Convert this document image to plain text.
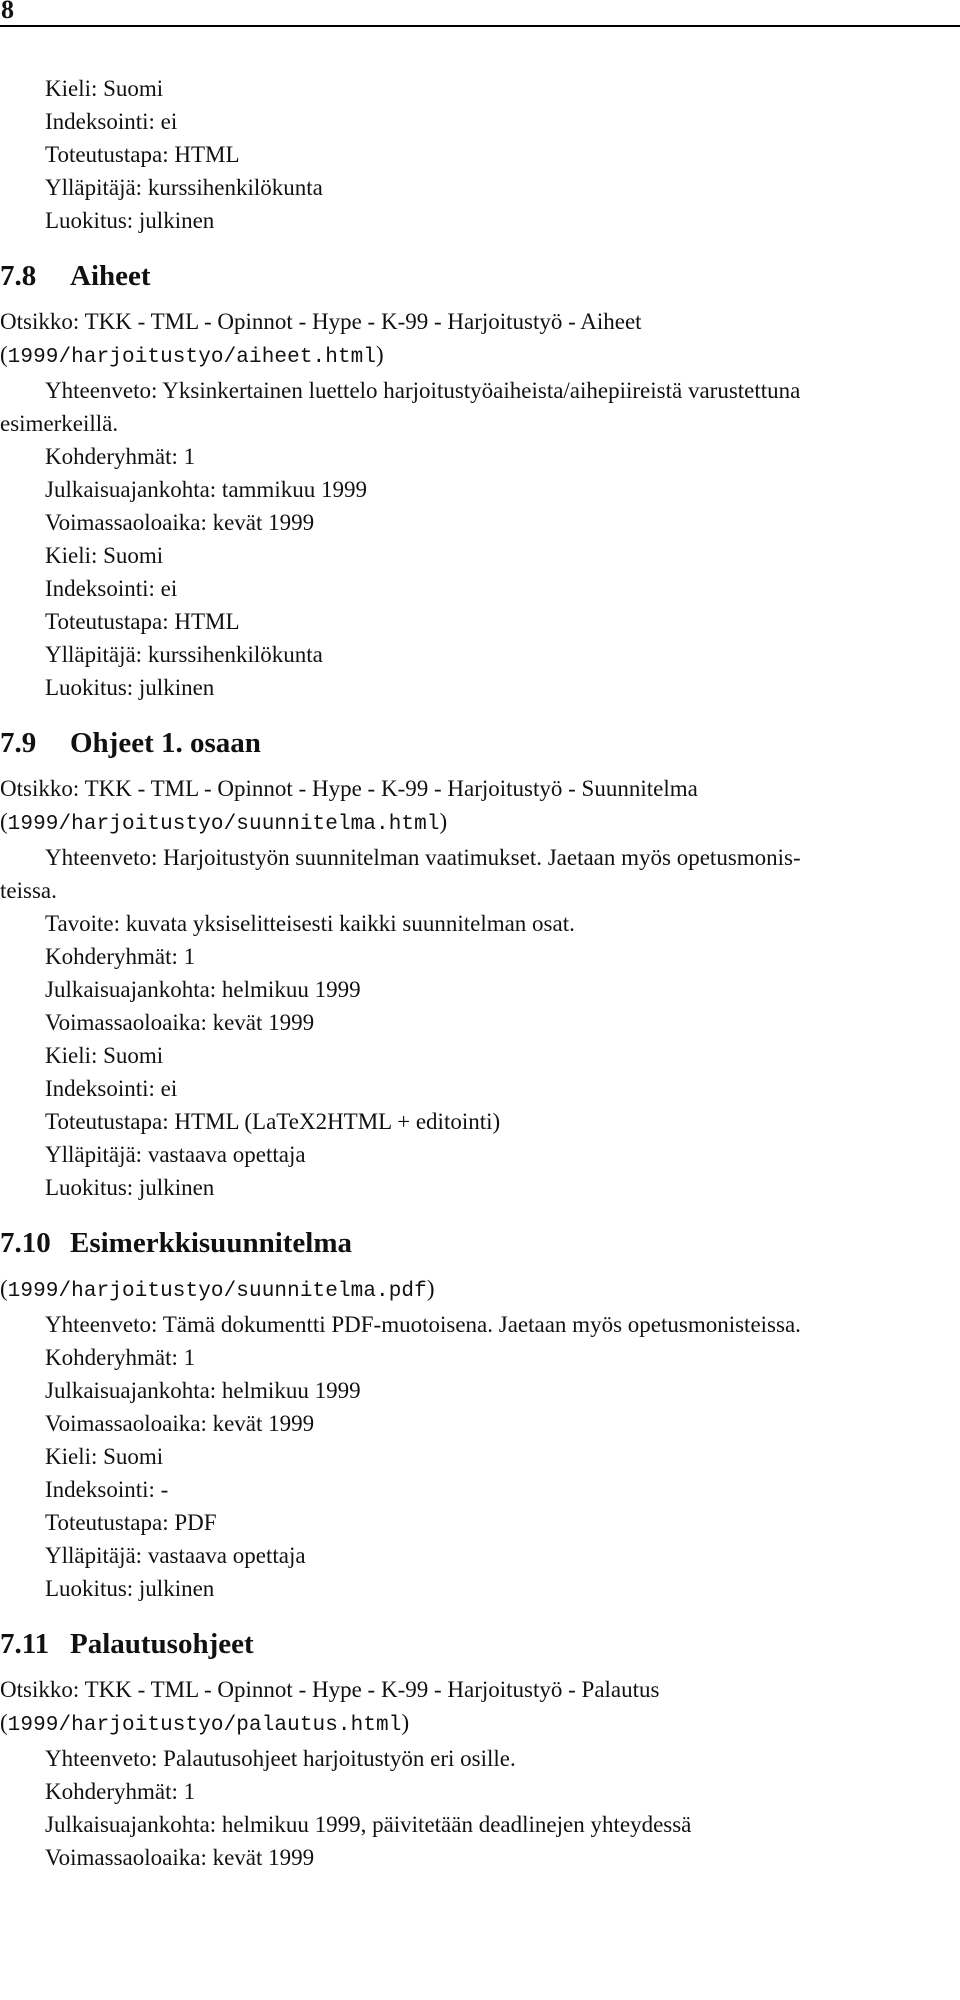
8
Kieli: Suomi
Indeksointi: ei
Toteutustapa: HTML
Ylläpitäjä: kurssihenkilökunta
Luokitus: julkinen
7.8	Aiheet
Otsikko: TKK - TML - Opinnot - Hype - K-99 - Harjoitustyö - Aiheet
(1999/harjoitustyo/aiheet.html)
Yhteenveto: Yksinkertainen luettelo harjoitustyöaiheista/aihepiireistä varustettuna
esimerkeillä.
Kohderyhmät: 1
Julkaisuajankohta: tammikuu 1999
Voimassaoloaika: kevät 1999
Kieli: Suomi
Indeksointi: ei
Toteutustapa: HTML
Ylläpitäjä: kurssihenkilökunta
Luokitus: julkinen
7.9	Ohjeet 1. osaan
Otsikko: TKK - TML - Opinnot - Hype - K-99 - Harjoitustyö - Suunnitelma
(1999/harjoitustyo/suunnitelma.html)
Yhteenveto: Harjoitustyön suunnitelman vaatimukset. Jaetaan myös opetusmonis-
teissa.
Tavoite: kuvata yksiselitteisesti kaikki suunnitelman osat.
Kohderyhmät: 1
Julkaisuajankohta: helmikuu 1999
Voimassaoloaika: kevät 1999
Kieli: Suomi
Indeksointi: ei
Toteutustapa: HTML (LaTeX2HTML + editointi)
Ylläpitäjä: vastaava opettaja
Luokitus: julkinen
7.10 Esimerkkisuunnitelma
(1999/harjoitustyo/suunnitelma.pdf)
Yhteenveto: Tämä dokumentti PDF-muotoisena. Jaetaan myös opetusmonisteissa.
Kohderyhmät: 1
Julkaisuajankohta: helmikuu 1999
Voimassaoloaika: kevät 1999
Kieli: Suomi
Indeksointi: -
Toteutustapa: PDF
Ylläpitäjä: vastaava opettaja
Luokitus: julkinen
7.11 Palautusohjeet
Otsikko: TKK - TML - Opinnot - Hype - K-99 - Harjoitustyö - Palautus
(1999/harjoitustyo/palautus.html)
Yhteenveto: Palautusohjeet harjoitustyön eri osille.
Kohderyhmät: 1
Julkaisuajankohta: helmikuu 1999, päivitetään deadlinejen yhteydessä
Voimassaoloaika: kevät 1999
